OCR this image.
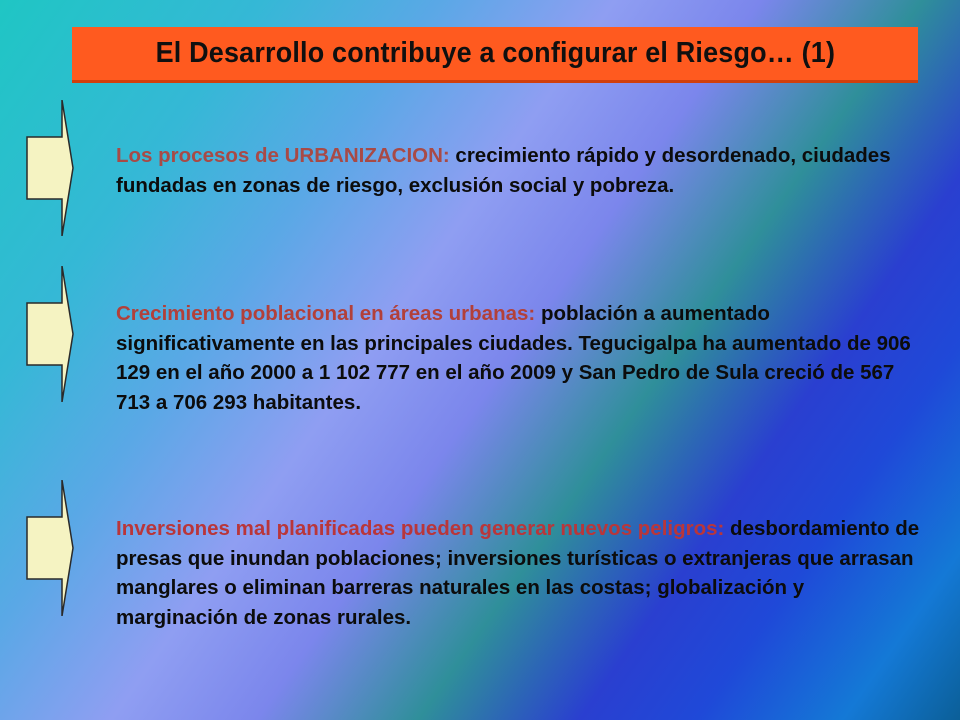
El Desarrollo contribuye a configurar el Riesgo… (1)
Los procesos de URBANIZACION: crecimiento rápido y desordenado, ciudades fundadas en zonas de riesgo, exclusión social y pobreza.
Crecimiento poblacional en áreas urbanas: población a aumentado significativamente en las principales ciudades. Tegucigalpa ha aumentado de 906 129 en el año 2000 a 1 102 777 en el año 2009 y San Pedro de Sula creció de 567 713 a 706 293 habitantes.
Inversiones mal planificadas pueden generar nuevos peligros: desbordamiento de presas que inundan poblaciones; inversiones turísticas o extranjeras que arrasan manglares o eliminan barreras naturales en las costas; globalización y marginación de zonas rurales.
